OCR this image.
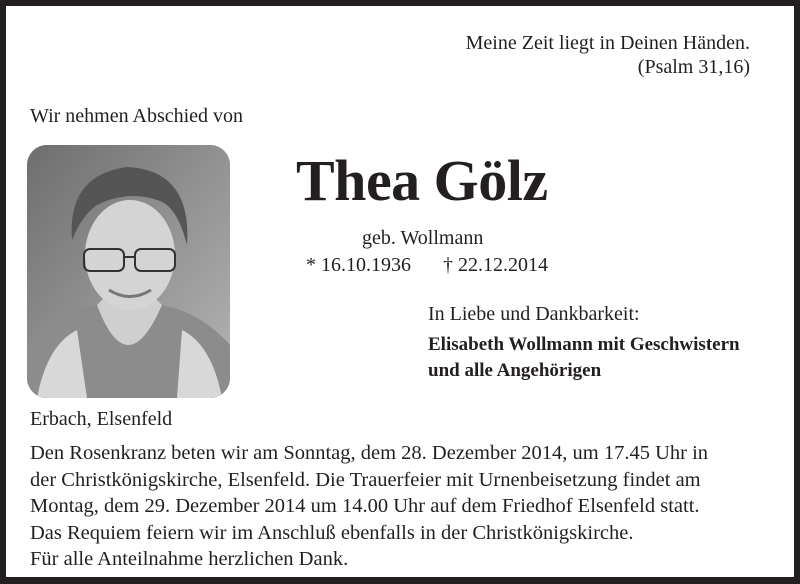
Meine Zeit liegt in Deinen Händen.
(Psalm 31,16)
Wir nehmen Abschied von
Thea Gölz
geb. Wollmann
* 16.10.1936 † 22.12.2014
In Liebe und Dankbarkeit:
Elisabeth Wollmann mit Geschwistern
und alle Angehörigen
Erbach, Elsenfeld
Den Rosenkranz beten wir am Sonntag, dem 28. Dezember 2014, um 17.45 Uhr in
der Christkönigskirche, Elsenfeld. Die Trauerfeier mit Urnenbeisetzung findet am
Montag, dem 29. Dezember 2014 um 14.00 Uhr auf dem Friedhof Elsenfeld statt.
Das Requiem feiern wir im Anschluß ebenfalls in der Christkönigskirche.
Für alle Anteilnahme herzlichen Dank.
